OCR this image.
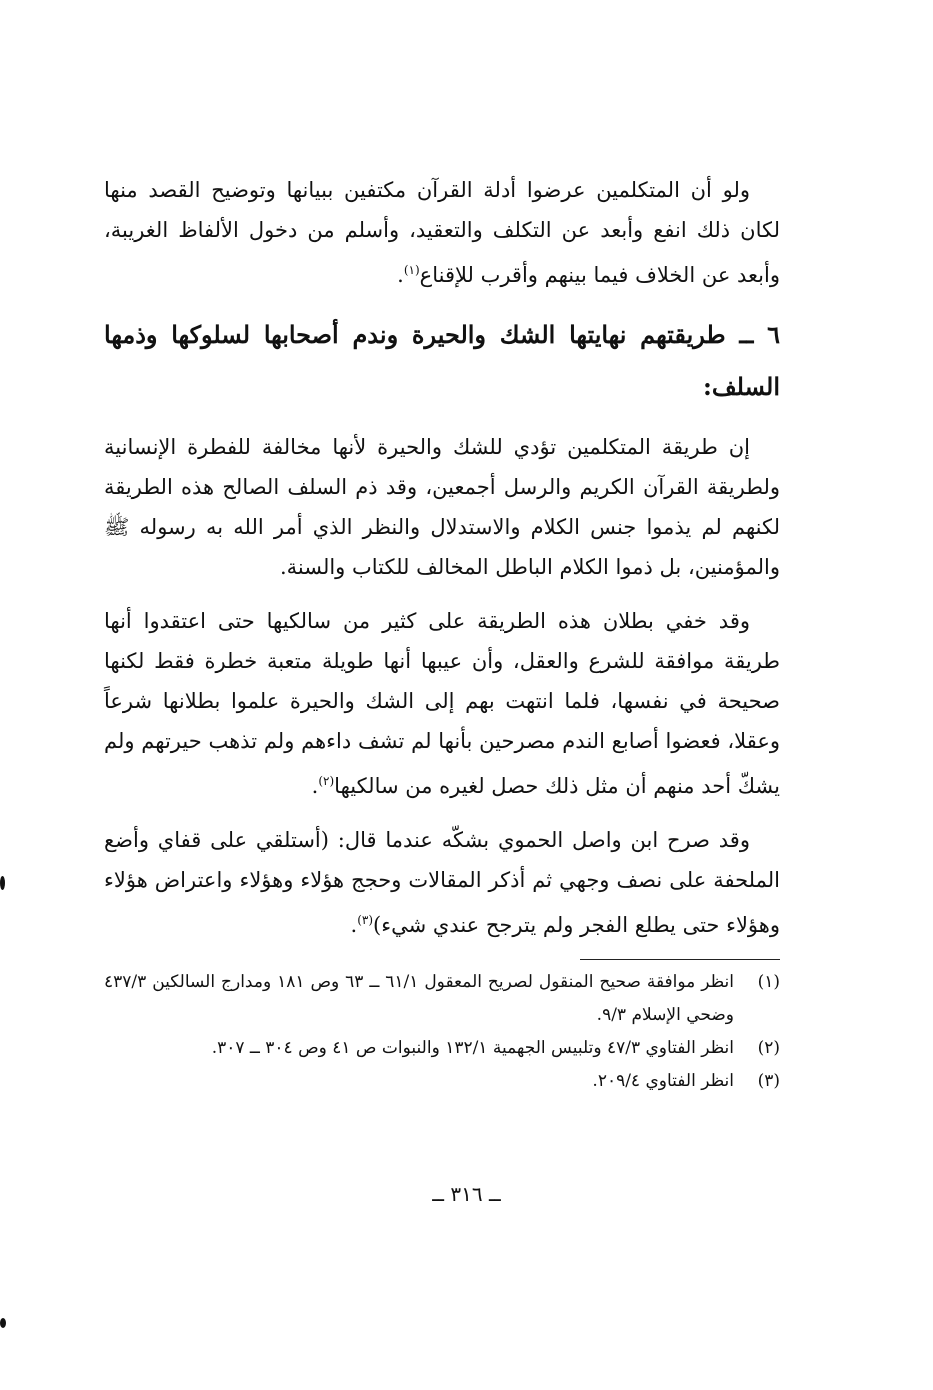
ولو أن المتكلمين عرضوا أدلة القرآن مكتفين ببيانها وتوضيح القصد منها لكان ذلك انفع وأبعد عن التكلف والتعقيد، وأسلم من دخول الألفاظ الغريبة، وأبعد عن الخلاف فيما بينهم وأقرب للإقناع$^{(١)}$.

٦ ــ طريقتهم نهايتها الشك والحيرة وندم أصحابها لسلوكها وذمها السلف:

إن طريقة المتكلمين تؤدي للشك والحيرة لأنها مخالفة للفطرة الإنسانية ولطريقة القرآن الكريم والرسل أجمعين، وقد ذم السلف الصالح هذه الطريقة لكنهم لم يذموا جنس الكلام والاستدلال والنظر الذي أمر الله به رسوله ﷺ والمؤمنين، بل ذموا الكلام الباطل المخالف للكتاب والسنة.

وقد خفي بطلان هذه الطريقة على كثير من سالكيها حتى اعتقدوا أنها طريقة موافقة للشرع والعقل، وأن عيبها أنها طويلة متعبة خطرة فقط لكنها صحيحة في نفسها، فلما انتهت بهم إلى الشك والحيرة علموا بطلانها شرعاً وعقلا، فعضوا أصابع الندم مصرحين بأنها لم تشف داءهم ولم تذهب حيرتهم ولم يشكّ أحد منهم أن مثل ذلك حصل لغيره من سالكيها$^{(٢)}$.

وقد صرح ابن واصل الحموي بشكّه عندما قال: (أستلقي على قفاي وأضع الملحفة على نصف وجهي ثم أذكر المقالات وحجج هؤلاء وهؤلاء واعتراض هؤلاء وهؤلاء حتى يطلع الفجر ولم يترجح عندي شيء)$^{(٣)}$.

(١)
انظر موافقة صحيح المنقول لصريح المعقول ٦١/١ ــ ٦٣ وص ١٨١ ومدارج السالكين ٤٣٧/٣ وضحي الإسلام ٩/٣.
(٢)
انظر الفتاوي ٤٧/٣ وتلبيس الجهمية ١٣٢/١ والنبوات ص ٤١ وص ٣٠٤ ــ ٣٠٧.
(٣)
انظر الفتاوي ٢٠٩/٤.
ــ ٣١٦ ــ
